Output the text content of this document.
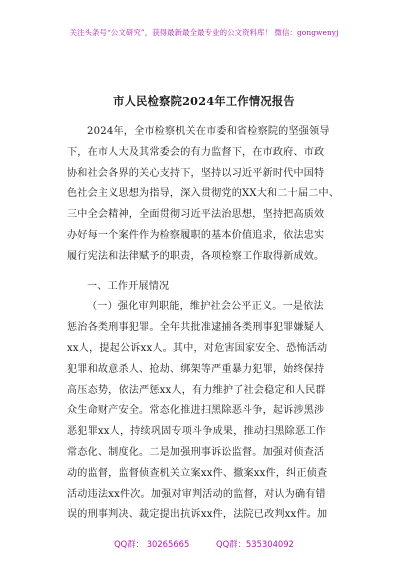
关注头条号“公文研究”，获得最新最全最专业的公文资料库！ 微信：gongwenyj
市人民检察院2024年工作情况报告
2024年，全市检察机关在市委和省检察院的坚强领导
下，在市人大及其常委会的有力监督下，在市政府、市政
协和社会各界的关心支持下，坚持以习近平新时代中国特
色社会主义思想为指导，深入贯彻党的XX大和二十届二中、
三中全会精神，全面贯彻习近平法治思想，坚持把高质效
办好每一个案件作为检察履职的基本价值追求，依法忠实
履行宪法和法律赋予的职责，各项检察工作取得新成效。
一、工作开展情况
（一）强化审判职能，维护社会公平正义。一是依法
惩治各类刑事犯罪。全年共批准逮捕各类刑事犯罪嫌疑人
xx人，提起公诉xx人。其中，对危害国家安全、恐怖活动
犯罪和故意杀人、抢劫、绑架等严重暴力犯罪，始终保持
高压态势，依法严惩xx人，有力维护了社会稳定和人民群
众生命财产安全。常态化推进扫黑除恶斗争，起诉涉黑涉
恶犯罪xx人，持续巩固专项斗争成果，推动扫黑除恶工作
常态化、制度化。二是加强刑事诉讼监督。加强对侦查活
动的监督，监督侦查机关立案xx件、撤案xx件，纠正侦查
活动违法xx件次。加强对审判活动的监督，对认为确有错
误的刑事判决、裁定提出抗诉xx件，法院已改判xx件。加
QQ群： 30265665	QQ群：535304092
